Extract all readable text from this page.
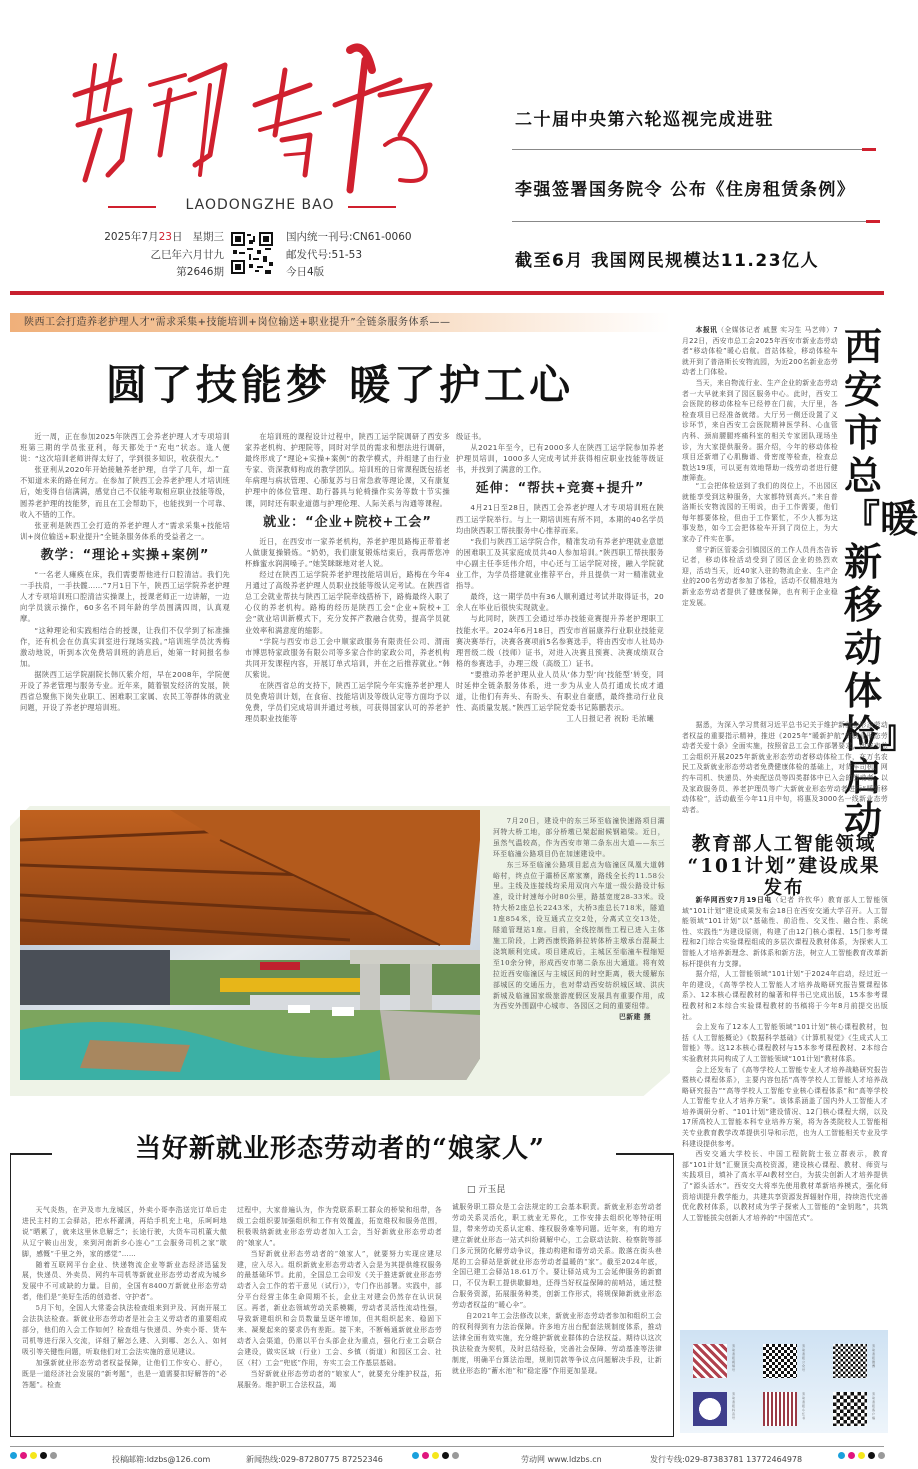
LAODONGZHE BAO
2025年7月23日 星期三
乙巳年六月廿九
第2646期
国内统一刊号:CN61-0060
邮发代号:51-53
今日4版
二十届中央第六轮巡视完成进驻
李强签署国务院令 公布《住房租赁条例》
截至6月 我国网民规模达11.23亿人
陕西工会打造养老护理人才“需求采集+技能培训+岗位输送+职业提升”全链条服务体系——
圆了技能梦 暖了护工心

近一周，正在参加2025年陕西工会养老护理人才专项培训班第三期的学员张亚利，每天都处于“充电”状态。逢人便说：“这次培训老师讲得太好了，学到很多知识，收获很大。”

张亚利从2020年开始接触养老护理，自学了几年，却一直不知道未来的路在何方。在参加了陕西工会养老护理人才培训班后，她变得自信满满，感觉自己不仅能考取相应职业技能等级，圆养老护理的技能梦，而且在工会帮助下，也能找到一个可靠、收入不错的工作。

张亚利是陕西工会打造的养老护理人才“需求采集+技能培训+岗位输送+职业提升”全链条服务体系的受益者之一。

教学：“理论+实操+案例”

“一名老人瘫痪在床，我们需要帮他进行口腔清洁。我们先一手扶肩，一手扶髋……”7月1日下午，陕西工运学院养老护理人才专项培训班口腔清洁实操课上，授课老师正一边讲解，一边向学员演示操作，60多名不同年龄的学员围满四周，认真观摩。

“这种理论和实践相结合的授课，让我们不仅学到了标准操作，还有机会在仿真实训室进行现场实践。”培训班学员沈秀梅激动地说，听到本次免费培训班的消息后，她第一时间报名参加。

据陕西工运学院副院长韩仄紫介绍，早在2008年，学院便开设了养老管理与服务专业。近年来，随着银发经济的发展，陕西省总聚焦下岗失业职工、困难职工家属、农民工等群体的就业问题，开设了养老护理培训班。

在培训班的课程设计过程中，陕西工运学院调研了西安多家养老机构、护理院等，同时对学员的需求和想法进行调研，最终形成了“理论+实操+案例”的教学模式，并组建了由行业专家、资深教师构成的教学团队。培训班的日常课程既包括老年病理与病状管理、心肺复苏与日常急救等理论课，又有康复护理中的体位管理、助行器具与轮椅操作实务等数十节实操课，同时还有职业道德与护理伦理、人际关系与沟通等课程。

就业：“企业+院校+工会”

近日，在西安市一家养老机构，养老护理员路梅正带着老人做康复操锻炼。“奶奶，我们康复锻炼结束后，我再帮您冲杯蜂蜜水润润嗓子。”她笑眯眯地对老人说。

经过在陕西工运学院养老护理技能培训后，路梅在今年4月通过了高级养老护理人员职业技能等级认定考试。在陕西省总工会就业帮扶与陕西工运学院牵线搭桥下，路梅最终入职了心仪的养老机构。路梅的经历是陕西工会“企业+院校+工会”就业培训新模式下，充分发挥产教融合优势，提高学员就业效率和满意度的缩影。

“学院与西安市总工会中顺家政服务有限责任公司、渭南市博思特家政服务有限公司等多家合作的家政公司，养老机构共同开发课程内容，开展订单式培训，并在之后推荐就业。”韩仄紫说。

在陕西省总的支持下，陕西工运学院今年实施养老护理人员免费培训计划，在食宿、技能培训及等级认定等方面均予以免费，学员们完成培训并通过考核，可获得国家认可的养老护理员职业技能等

级证书。

从2021年至今，已有2000多人在陕西工运学院参加养老护理员培训，1000多人完成考试并获得相应职业技能等级证书，并找到了满意的工作。

延伸：“帮扶+竞赛+提升”

4月21日至28日，陕西工会养老护理人才专项培训班在陕西工运学院举行。与上一期培训班有所不同，本期的40名学员均由陕西职工帮扶服务中心推荐而来。

“我们与陕西工运学院合作，精准发动有养老护理就业意愿的困难职工及其家庭成员共40人参加培训。”陕西职工帮扶服务中心副主任李廷伟介绍，中心还与工运学院对接，融入学院就业工作，为学员搭建就业推荐平台，并且提供一对一精准就业指导。

最终，这一期学员中有36人顺利通过考试并取得证书，20余人在毕业后很快实现就业。

与此同时，陕西工会通过举办技能竞赛提升养老护理职工技能水平。2024年6月18日，西安市首届康养行业职业技能竞赛决赛举行，决赛各赛项前5名参赛选手，将由西安市人社局办理晋级二级（技师）证书，对进入决赛且预赛、决赛成绩双合格的参赛选手，办理三级（高级工）证书。

“要推动养老护理从业人员从‘体力型’向‘技能型’转变，同时延伸全链条服务体系，进一步为从业人员打通成长成才通道，让他们有奔头、有盼头、有职业自豪感，最终推动行业良性、高质量发展。”陕西工运学院党委书记陈鹏表示。

工人日报记者 祝盼 毛浓曦

7月20日，建设中的东三环至临潼快速路项目灞河特大桥工地，部分桥墩已架起耐候钢箱梁。近日，虽然气温较高，作为西安市第二条东出大道——东三环至临潼公路项目仍在加速建设中。

东三环至临潼公路项目起点为临潼区凤凰大道韩峪村，终点位于灞桥区席家寨，路线全长约11.58公里。主线及连接线均采用双向六车道一级公路设计标准，设计时速每小时80公里，路基宽度28-33米。设特大桥2座总长2243米，大桥3座总长718米，隧道1座854米，设互通式立交2处，分离式立交13处，隧道管理站1座。目前，全线控制性工程已进入主体施工阶段，上跨西康铁路斜拉转体桥主墩承台混凝土浇筑顺利完成。项目建成后，主城区至临潼车程缩短至10余分钟，形成西安市第二条东出大通道。将有效拉近西安临潼区与主城区间的时空距离，极大缓解东部城区的交通压力，也对带动西安纺织城区域、洪庆新城及临潼国家级旅游度假区发展具有重要作用，成为西安外围副中心城市、各园区之间的重要纽带。

巴新建 摄
当好新就业形态劳动者的“娘家人”
□ 亓玉昆

天气炎热，在尹及市九龙城区，外卖小哥李浩送完订单后走进民主村的工会驿站，把水杯灌满，再给手机充上电，乐呵呵地说“晒累了，就来这里休息解乏”；长途行驶，大货车司机董大傲从辽宁鞍山出发，来到河南新乡心连心“工会服务司机之家”歇脚，感慨“千里之外，家的感觉”……

随着互联网平台企业、快递物流企业等新业态经济迅猛发展，快递员、外卖员、网约车司机等新就业形态劳动者成为城乡发展中不可或缺的力量。目前，全国有8400万新就业形态劳动者，他们是“美好生活的创造者、守护者”。

5月下旬，全国人大常委会执法检查组来到尹及、河南开展工会法执法检查。新就业形态劳动者是社会主义劳动者的重要组成部分，他们的入会工作如何？检查组与快递员、外卖小哥、货车司机等进行深入交流，详细了解怎么建、入到哪、怎么入、如何吸引等关键性问题，听取他们对工会法实施的意见建议。

加强新就业形态劳动者权益保障，让他们工作安心、舒心，既是一道经济社会发展的“新考题”，也是一道需要扣好解答的“必答题”。检查

过程中，大家普遍认为，作为党联系职工群众的桥梁和纽带，各级工会组织要加强组织和工作有效覆盖，拓宽维权和服务范围，积极吸纳新就业形态劳动者加入工会，当好新就业形态劳动者的“娘家人”。

当好新就业形态劳动者的“娘家人”，就要努力实现应建尽建，应入尽入。组织新就业形态劳动者入会是为其提供维权服务的最基础环节。此前，全国总工会印发《关于推进新就业形态劳动者入会工作的若干意见（试行）》，专门作出部署。实践中，部分平台经营主体生命周期不长，企业主对建会仍然存在认识误区。再者，新业态领域劳动关系模糊，劳动者灵活性流动性强，导致新建组织和会员数量呈逐年增加，但其组织起来、稳固下来、凝聚起来的要求仍有差距。接下来，不断畅通新就业形态劳动者入会渠道，仍需以平台头部企业为重点，强化行业工会联合会建设，做实区域（行业）工会、乡镇（街道）和园区工会、社区（村）工会“兜底”作用，夯实工会工作基层基础。

当好新就业形态劳动者的“娘家人”，就要充分维护权益，拓展服务。维护职工合法权益，竭

诚服务职工群众是工会法规定的工会基本职责。新就业形态劳动者劳动关系灵活化，职工就业无界化，工作安排去组织化等特征明显，带来劳动关系认定难、维权服务难等问题。近年来，有的地方建立新就业形态一站式纠纷调解中心，工会联动法院、检察院等部门多元预防化解劳动争议，推动构建和谐劳动关系。散落在街头巷尾的工会驿站是新就业形态劳动者温暖的“家”。截至2024年底，全国已建工会驿站18.61万个。要让驿站成为工会延伸服务的新窗口，不仅为职工提供歇脚地，还得当好权益保障的前哨站，通过整合服务资源，拓展服务种类，创新工作形式，将规保障新就业形态劳动者权益的“暖心伞”。

自2021年工会法修改以来，新就业形态劳动者参加和组织工会的权利得到有力法治保障。许多地方出台配套法规制度体系，推动法律全面有效实施，充分维护新就业群体的合法权益。期待以这次执法检查为契机，及时总结经验，完善社会保障、劳动基准等法律制度，明确平台算法治理，规则罚款等争议点问题解决手段，让新就业形态的“蓄水池”和“稳定器”作用更加显现。

本报讯（全媒体记者 戚慧 实习生 马艺帅）7月22日，西安市总工会2025年西安市新业态劳动者“移动体检”暖心启航。首站体检，移动体检车就开到了普洛斯长安物流园，为近200名新业态劳动者上门体检。

当天，来自物流行业、生产企业的新业态劳动者一大早就来到了园区服务中心。此时，西安工会医院的移动体检车已经停在门前，大厅里，各检查项目已经准备就绪。大厅另一侧还设置了义诊环节，来自西安工会医院精神医学科、心血管内科、颈肩腰腿疼痛科室的相关专家团队现场坐诊，为大家提供服务。据介绍，今年的移动体检项目还新增了心肌酶谱、骨密度等检查，检查总数达19项，可以更有效地帮助一线劳动者进行健康筛查。

西安市总『暖新移动体检』启动

“工会把体检送到了我们的岗位上，不出园区就能享受到这种服务，大家都特别高兴。”来自普洛斯长安物流园的王明说，由于工作需要，他们每年都要体检，但由于工作繁忙，不少人都为这事发愁，如今工会把体检车开到了岗位上，为大家办了件实在事。

常宁新区管委会引镇园区的工作人员肖杰告诉记者，移动体检活动受到了园区企业的热烈欢迎，活动当天，近40家入驻的物流企业、生产企业的200名劳动者参加了体检，活动不仅精准地为新业态劳动者提供了健康保障，也有利于企业稳定发展。

据悉，为深入学习贯彻习近平总书记关于维护新就业形态劳动者权益的重要指示精神，推进《2025年“暖新护航”新就业形态劳动者关爱十条》全面实施，按照省总工会工作部署要求，西安市总工会组织开展2025年新就业形态劳动者移动体检工作，在万名农民工及新就业形态劳动者免费健康体检的基础上，对货车司机、网约车司机、快递员、外卖配送员等四类群体中已入会的劳动者，以及家政服务员、养老护理员等广大新就业形态劳动者进行“暖新移动体检”，活动截至今年11月中旬，将惠及3000名一线新业态劳动者。

教育部人工智能领域
“101计划”建设成果发布

新华网西安7月19日电（记者 许钦华）教育部人工智能领域“101计划”建设成果发布会18日在西安交通大学召开。人工智能领域“101计划”以“基础性、前沿性、交叉性、融合性、系统性、实践性”为建设原则，构建了由12门核心课程、15门参考课程和2门综合实验课程组成的多层次课程及教材体系，为探索人工智能人才培养新理念、新体系和新方法，树立人工智能教育改革新标杆提供有力支撑。

据介绍，人工智能领域“101计划”于2024年启动，经过近一年的建设，《高等学校人工智能人才培养战略研究报告暨课程体系》、12本核心课程教材的编著和样书已完成出版，15本参考课程教材和2本综合实验课程教材的书稿将于今年8月前提交出版社。

会上发布了12本人工智能领域“101计划”核心课程教材，包括《人工智能概论》《数据科学基础》《计算机视觉》《生成式人工智能》等。这12本核心课程教材与15本参考课程教材、2本综合实验教材共同构成了人工智能领域“101计划”教材体系。

会上还发布了《高等学校人工智能专业人才培养战略研究报告暨核心课程体系》，主要内容包括“高等学校人工智能人才培养战略研究报告”“高等学校人工智能专业核心课程体系”和“高等学校人工智能专业人才培养方案”。该体系涵盖了国内外人工智能人才培养调研分析、“101计划”建设情况、12门核心课程大纲，以及17所高校人工智能本科专业培养方案，将为各类院校人工智能相关专业教育教学改革提供引导和示范，也为人工智能相关专业及学科建设提供参考。

西安交通大学校长、中国工程院院士张立群表示，教育部“101计划”汇聚顶尖高校资源，建设核心课程、教材、师资与实践项目，填补了高水平AI教材空白，为拔尖创新人才培养提供了“源头活水”。西安交大将率先使用教材革新培养模式，强化师资培训提升教学能力，共建共享资源发挥辐射作用，持续迭代完善优化教材体系，以教材成为学子探索人工智能的“金钥匙”，共筑人工智能拔尖创新人才培养的“中国范式”。

劳动者报视频号
劳动者报公众号
劳动者报微博
劳动者报抖音号
劳动者报小红书
劳动者报客户端
投稿邮箱:ldzbs@126.com	新闻热线:029-87280775 87252346	劳动网 www.ldzbs.cn	发行专线:029-87383781 13772464978
